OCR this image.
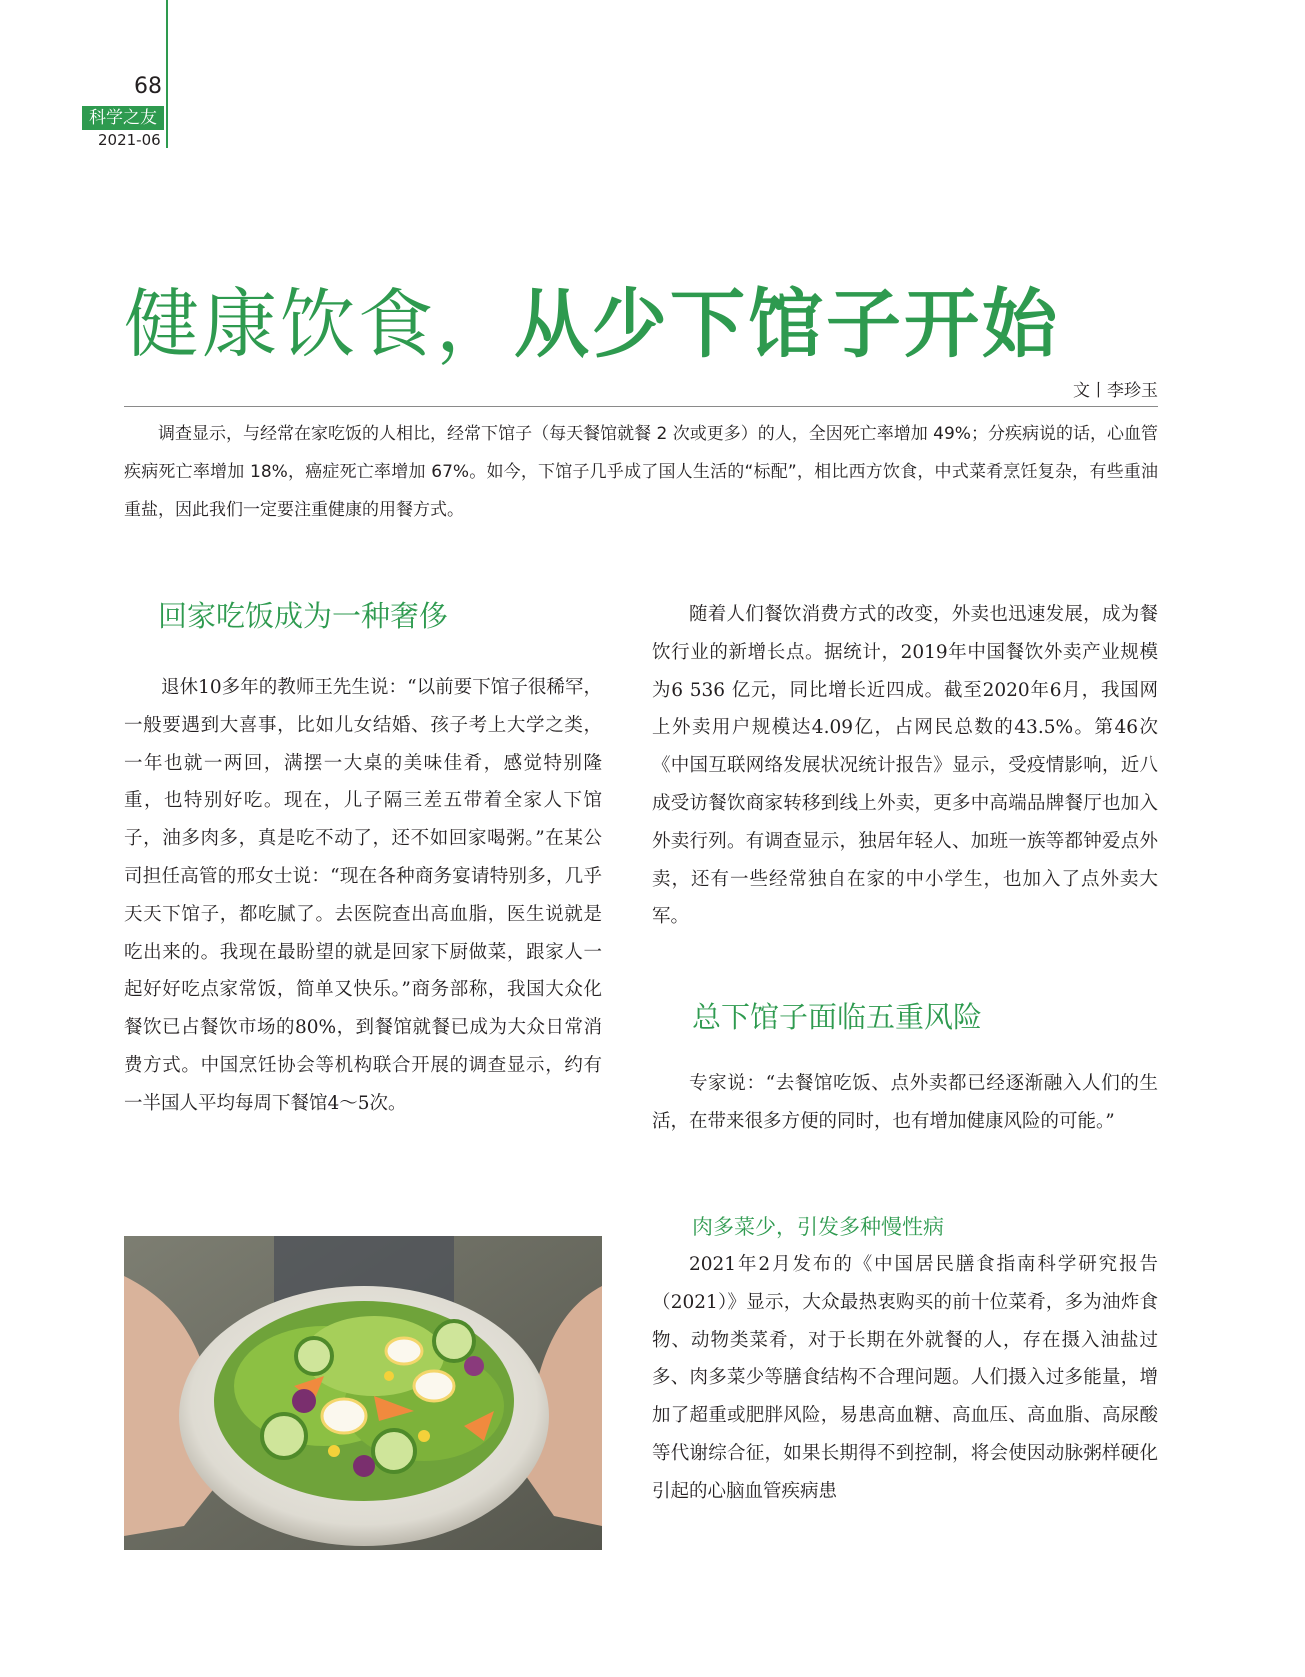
68
科学之友
2021-06
健康饮食，从少下馆子开始
文丨李珍玉

调查显示，与经常在家吃饭的人相比，经常下馆子（每天餐馆就餐 2 次或更多）的人，全因死亡率增加 49%；分疾病说的话，心血管疾病死亡率增加 18%，癌症死亡率增加 67%。如今，下馆子几乎成了国人生活的“标配”，相比西方饮食，中式菜肴烹饪复杂，有些重油重盐，因此我们一定要注重健康的用餐方式。

回家吃饭成为一种奢侈

退休10多年的教师王先生说：“以前要下馆子很稀罕，一般要遇到大喜事，比如儿女结婚、孩子考上大学之类，一年也就一两回，满摆一大桌的美味佳肴，感觉特别隆重，也特别好吃。现在，儿子隔三差五带着全家人下馆子，油多肉多，真是吃不动了，还不如回家喝粥。”在某公司担任高管的邢女士说：“现在各种商务宴请特别多，几乎天天下馆子，都吃腻了。去医院查出高血脂，医生说就是吃出来的。我现在最盼望的就是回家下厨做菜，跟家人一起好好吃点家常饭，简单又快乐。”商务部称，我国大众化餐饮已占餐饮市场的80%，到餐馆就餐已成为大众日常消费方式。中国烹饪协会等机构联合开展的调查显示，约有一半国人平均每周下餐馆4～5次。

随着人们餐饮消费方式的改变，外卖也迅速发展，成为餐饮行业的新增长点。据统计，2019年中国餐饮外卖产业规模为6 536 亿元，同比增长近四成。截至2020年6月，我国网上外卖用户规模达4.09亿，占网民总数的43.5%。第46次《中国互联网络发展状况统计报告》显示，受疫情影响，近八成受访餐饮商家转移到线上外卖，更多中高端品牌餐厅也加入外卖行列。有调查显示，独居年轻人、加班一族等都钟爱点外卖，还有一些经常独自在家的中小学生，也加入了点外卖大军。

总下馆子面临五重风险

专家说：“去餐馆吃饭、点外卖都已经逐渐融入人们的生活，在带来很多方便的同时，也有增加健康风险的可能。”

肉多菜少，引发多种慢性病

2021年2月发布的《中国居民膳食指南科学研究报告（2021）》显示，大众最热衷购买的前十位菜肴，多为油炸食物、动物类菜肴，对于长期在外就餐的人，存在摄入油盐过多、肉多菜少等膳食结构不合理问题。人们摄入过多能量，增加了超重或肥胖风险，易患高血糖、高血压、高血脂、高尿酸等代谢综合征，如果长期得不到控制，将会使因动脉粥样硬化引起的心脑血管疾病患
